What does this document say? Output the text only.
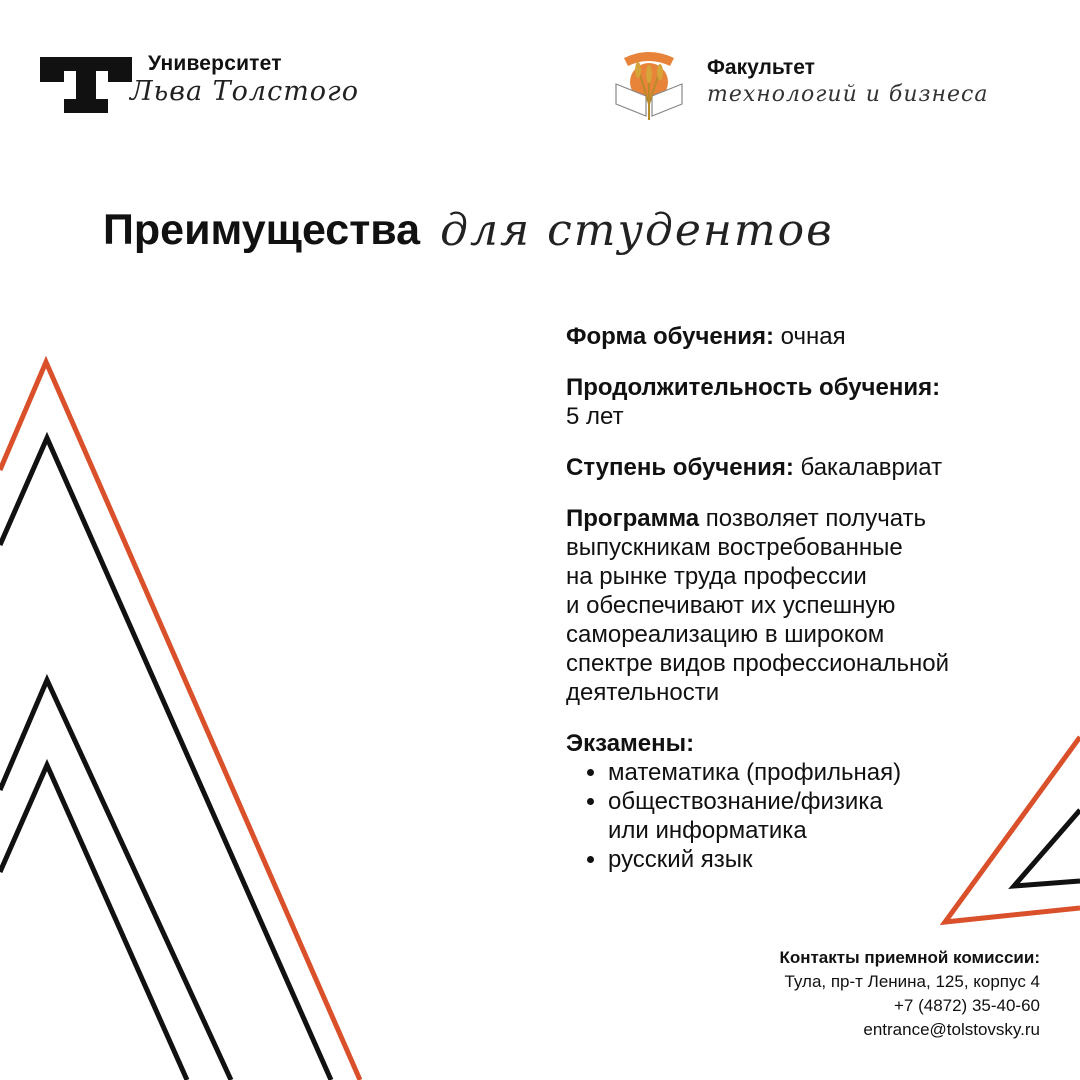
Университет
Льва Толстого
Факультет
технологий и бизнеса
Преимущества для студентов

Форма обучения: очная

Продолжительность обучения:
5 лет

Ступень обучения: бакалавриат

Программа позволяет получать
выпускникам востребованные
на рынке труда профессии
и обеспечивают их успешную
самореализацию в широком
спектре видов профессиональной
деятельности

Экзамены:
• математика (профильная)
• обществознание/физика
или информатика
• русский язык
Контакты приемной комиссии:
Тула, пр-т Ленина, 125, корпус 4
+7 (4872) 35-40-60
entrance@tolstovsky.ru
